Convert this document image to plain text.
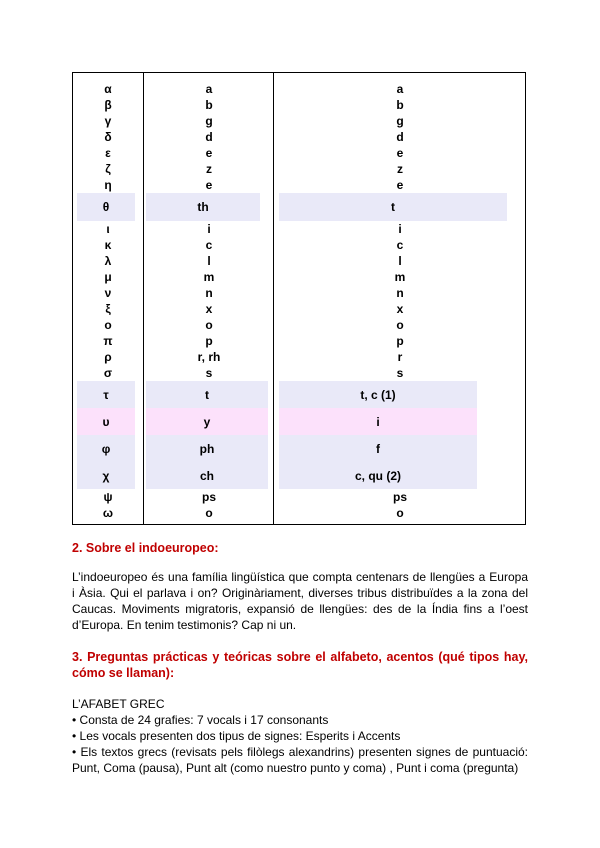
α	a	a
β	b	b
γ	g	g
δ	d	d
ε	e	e
ζ	z	z
η	e	e
θ	th	t
ι	i	i
κ	c	c
λ	l	l
μ	m	m
ν	n	n
ξ	x	x
ο	o	o
π	p	p
ρ	r, rh	r
σ	s	s
τ	t	t, c (1)
υ	y	i
φ	ph	f
χ	ch	c, qu (2)
ψ	ps	ps
ω	o	o
2. Sobre el indoeuropeo:
L’indoeuropeo és una família lingüística que compta centenars de llengües a Europa
i Àsia. Qui el parlava i on? Originàriament, diverses tribus distribuïdes a la zona del
Caucas. Moviments migratoris, expansió de llengües: des de la Índia fins a l’oest
d’Europa. En tenim testimonis? Cap ni un.
3. Preguntas prácticas y teóricas sobre el alfabeto, acentos (qué tipos hay,
cómo se llaman):
L’AFABET GREC
• Consta de 24 grafies: 7 vocals i 17 consonants
• Les vocals presenten dos tipus de signes: Esperits i Accents
• Els textos grecs (revisats pels filòlegs alexandrins) presenten signes de puntuació:
Punt, Coma (pausa), Punt alt (como nuestro punto y coma) , Punt i coma (pregunta)
